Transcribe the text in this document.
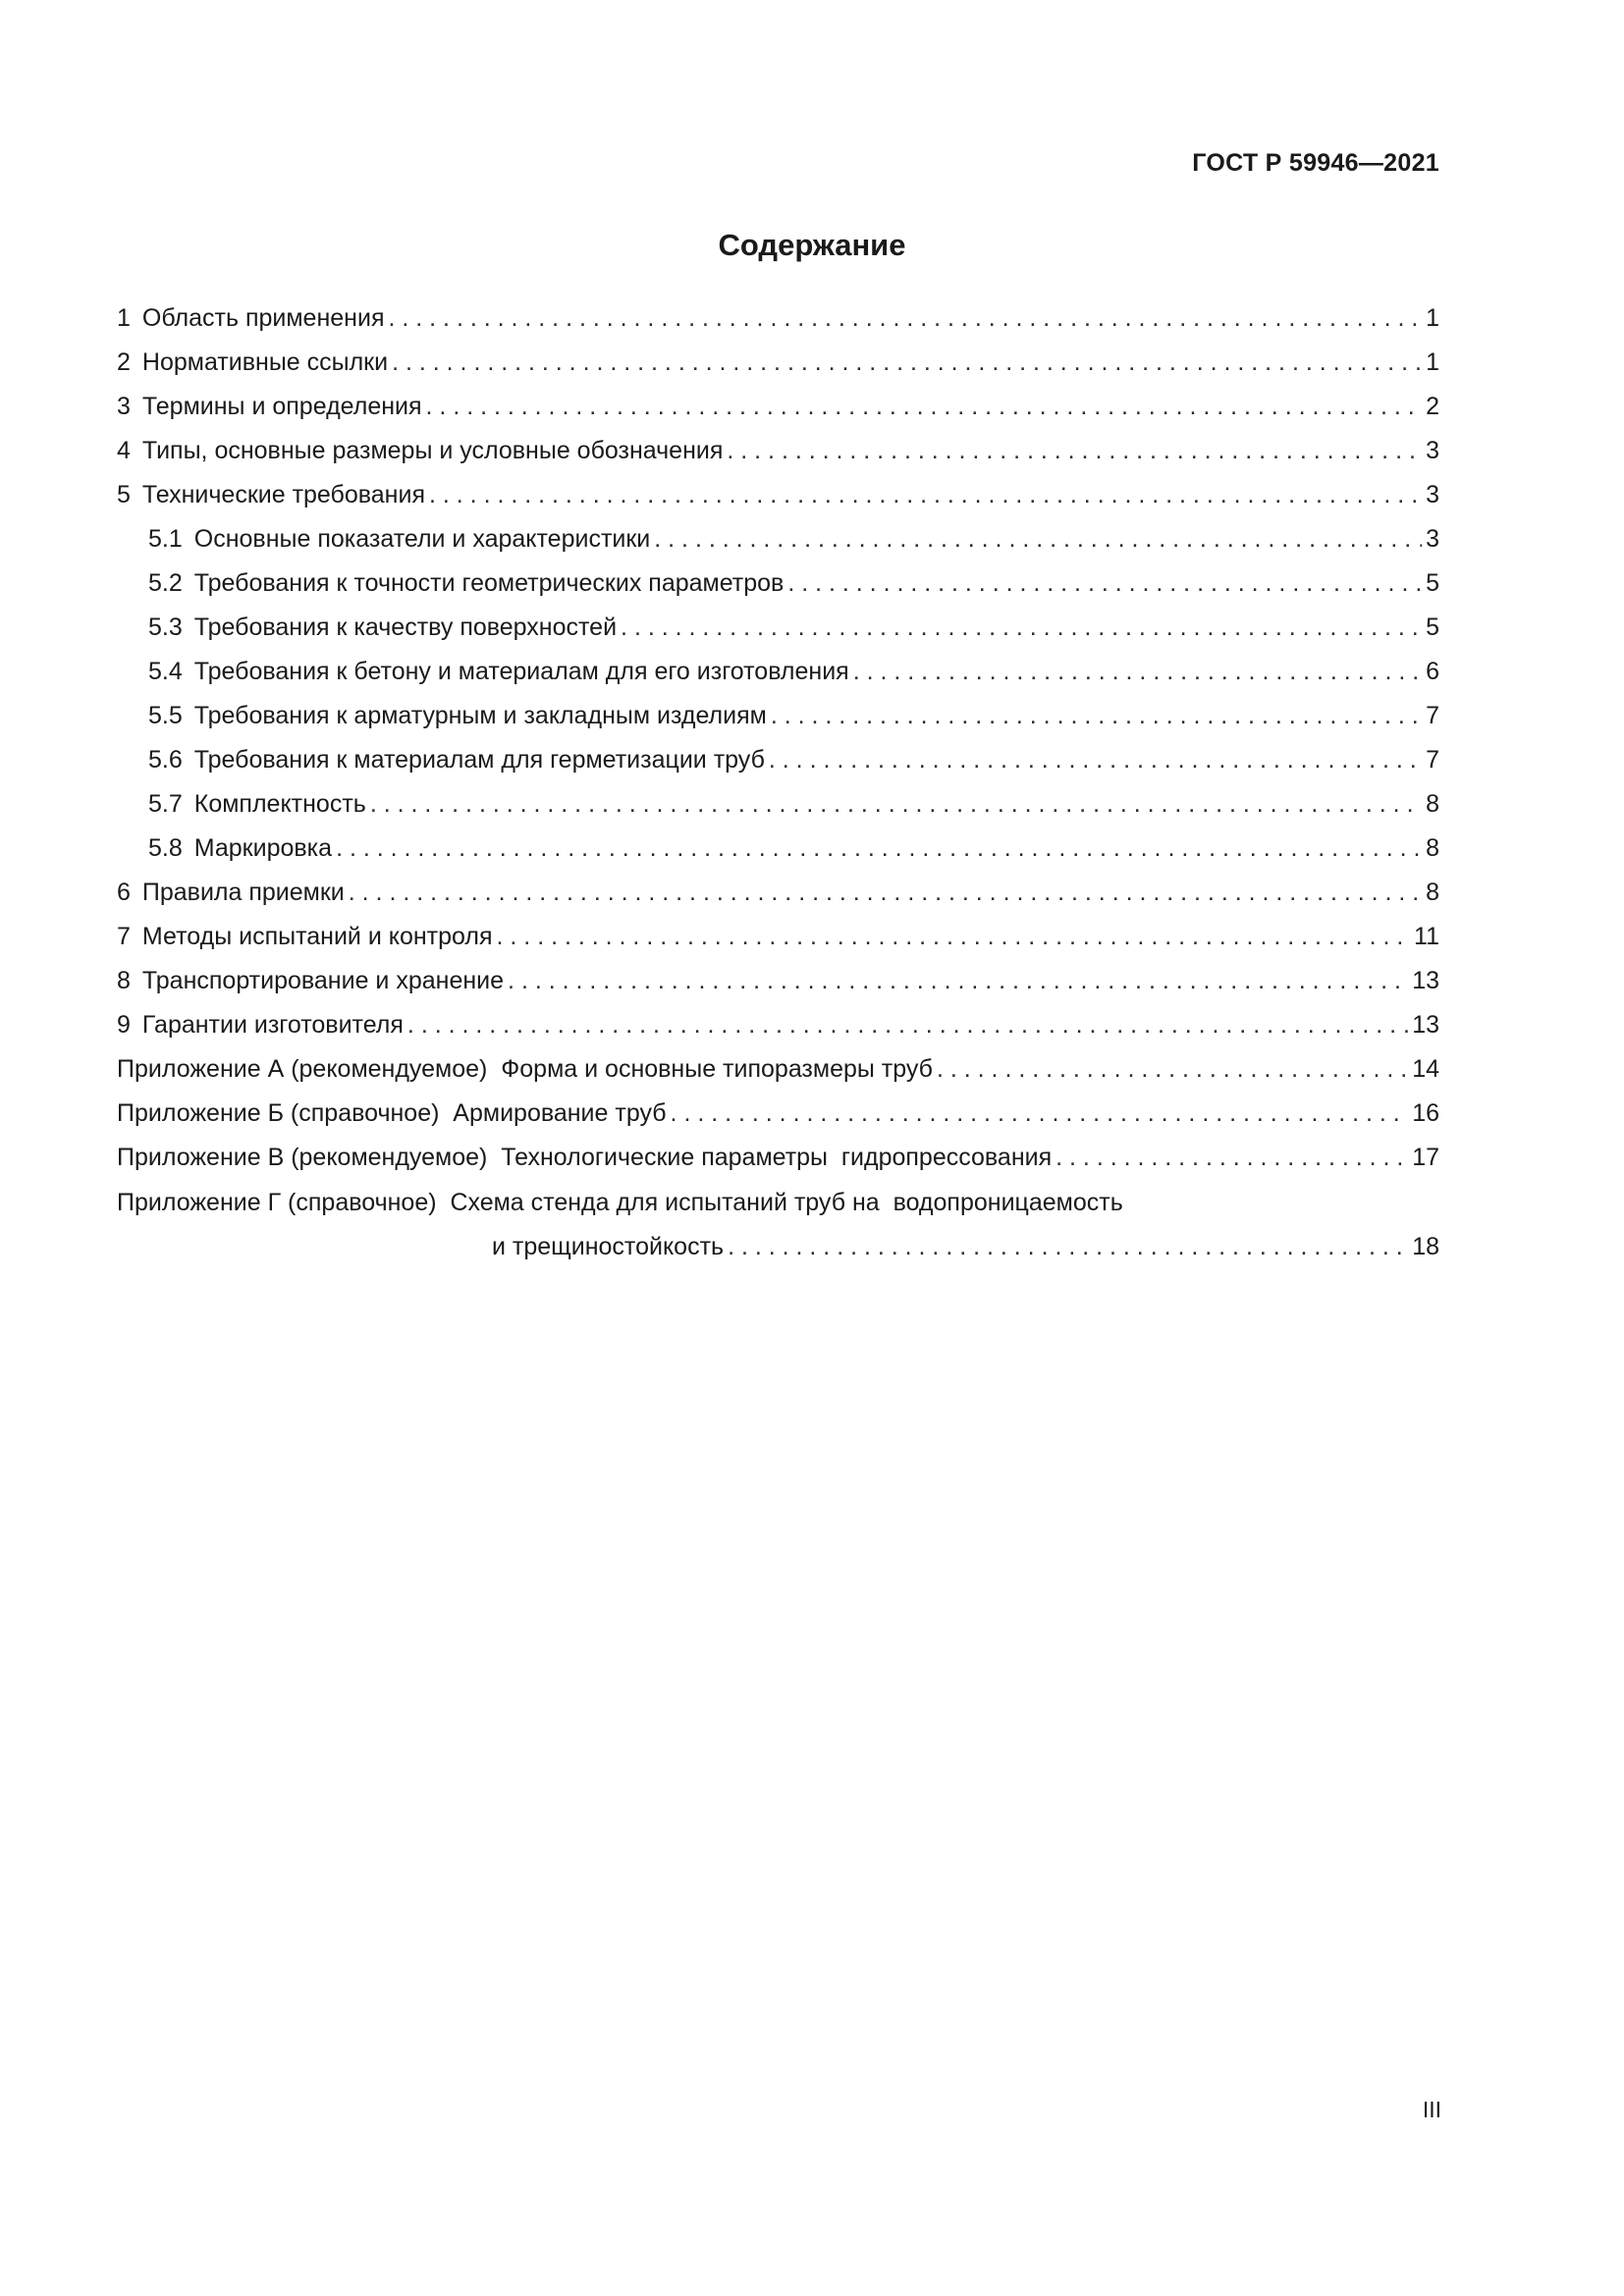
ГОСТ Р 59946—2021
Содержание
1 Область применения . . .	1
2 Нормативные ссылки . . .	1
3 Термины и определения . . .	2
4 Типы, основные размеры и условные обозначения . . .	3
5 Технические требования . . .	3
5.1 Основные показатели и характеристики . . .	3
5.2 Требования к точности геометрических параметров . . .	5
5.3 Требования к качеству поверхностей . . .	5
5.4 Требования к бетону и материалам для его изготовления . . .	6
5.5 Требования к арматурным и закладным изделиям . . .	7
5.6 Требования к материалам для герметизации труб . . .	7
5.7 Комплектность . . .	8
5.8 Маркировка . . .	8
6 Правила приемки . . .	8
7 Методы испытаний и контроля . . .	11
8 Транспортирование и хранение . . .	13
9 Гарантии изготовителя . . .	13
Приложение А (рекомендуемое)  Форма и основные типоразмеры труб . . .	14
Приложение Б (справочное)  Армирование труб . . .	16
Приложение В (рекомендуемое)  Технологические параметры  гидропрессования . . .	17
Приложение Г (справочное)  Схема стенда для испытаний труб на  водопроницаемость
и трещиностойкость . . .	18
III
